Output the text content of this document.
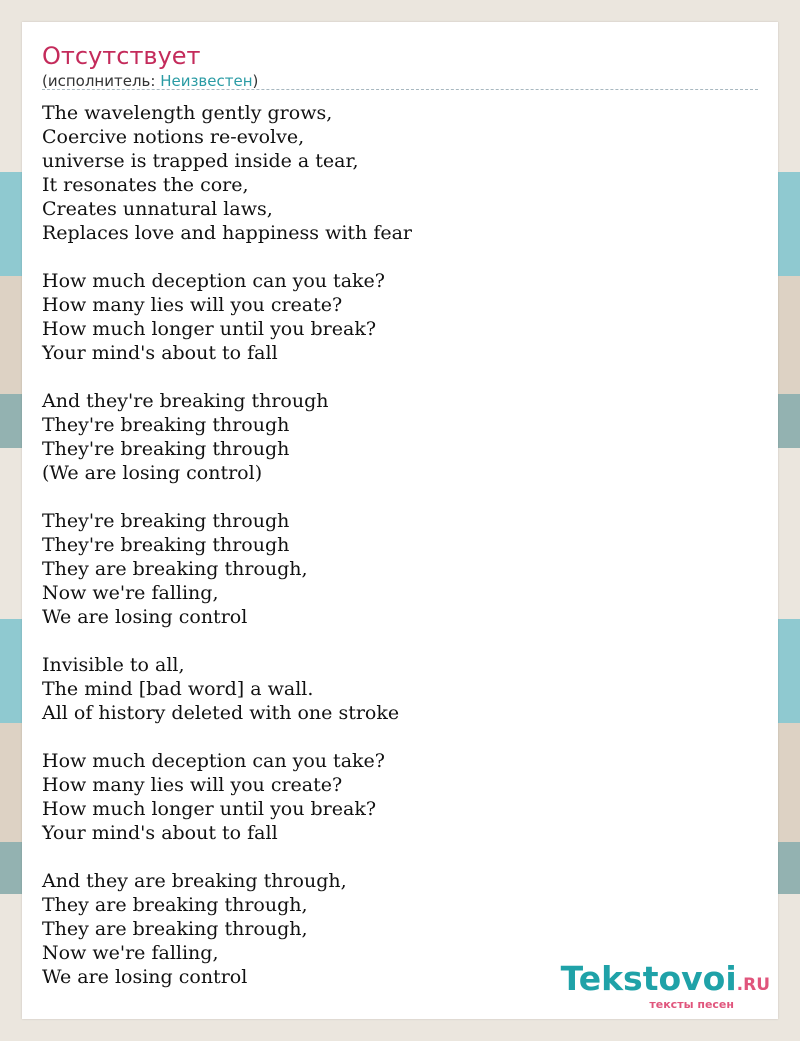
Отсутствует
(исполнитель: Неизвестен)
The wavelength gently grows,
Coercive notions re-evolve,
universe is trapped inside a tear,
It resonates the core,
Creates unnatural laws,
Replaces love and happiness with fear
How much deception can you take?
How many lies will you create?
How much longer until you break?
Your mind's about to fall
And they're breaking through
They're breaking through
They're breaking through
(We are losing control)
They're breaking through
They're breaking through
They are breaking through,
Now we're falling,
We are losing control
Invisible to all,
The mind [bad word] a wall.
All of history deleted with one stroke
How much deception can you take?
How many lies will you create?
How much longer until you break?
Your mind's about to fall
And they are breaking through,
They are breaking through,
They are breaking through,
Now we're falling,
We are losing control	Tekstovoi.RU
тексты песен
